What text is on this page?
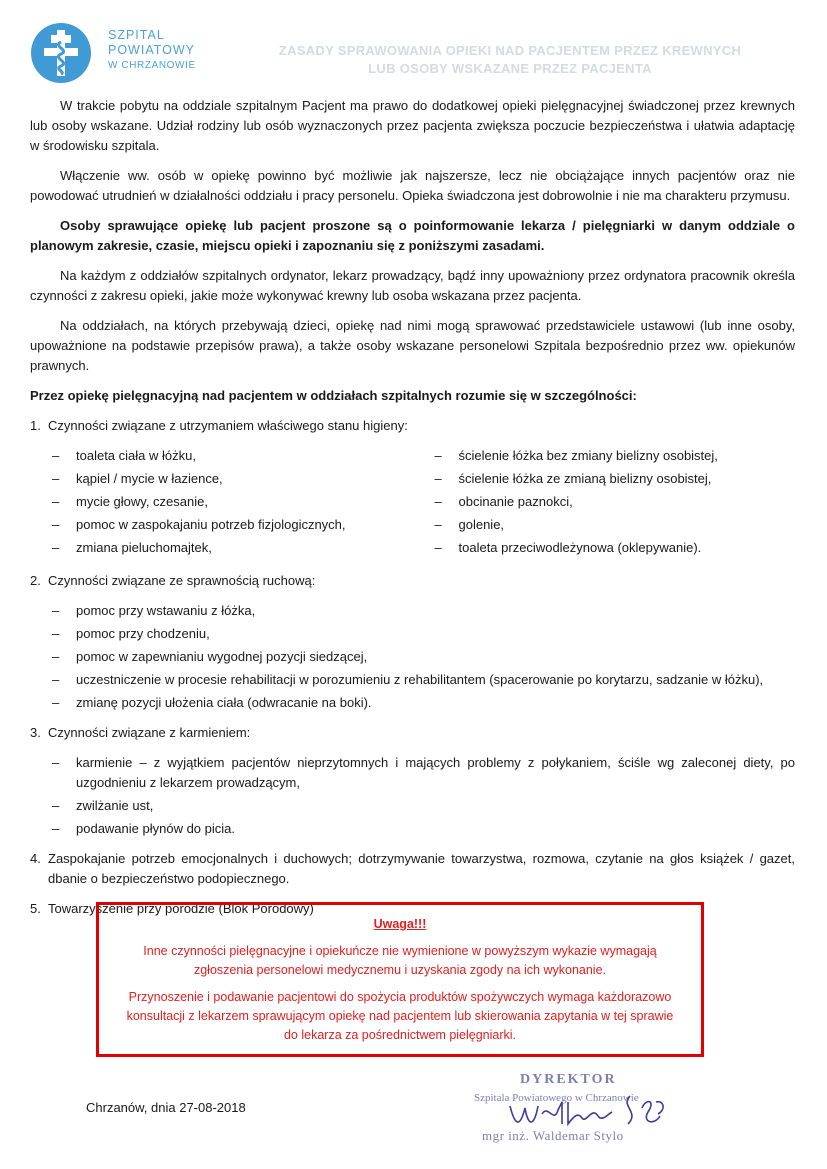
SZPITAL
POWIATOWY
W CHRZANOWIE
ZASADY SPRAWOWANIA OPIEKI NAD PACJENTEM PRZEZ KREWNYCH
LUB OSOBY WSKAZANE PRZEZ PACJENTA

W trakcie pobytu na oddziale szpitalnym Pacjent ma prawo do dodatkowej opieki pielęgnacyjnej świadczonej przez krewnych lub osoby wskazane. Udział rodziny lub osób wyznaczonych przez pacjenta zwiększa poczucie bezpieczeństwa i ułatwia adaptację w środowisku szpitala.

Włączenie ww. osób w opiekę powinno być możliwie jak najszersze, lecz nie obciążające innych pacjentów oraz nie powodować utrudnień w działalności oddziału i pracy personelu. Opieka świadczona jest dobrowolnie i nie ma charakteru przymusu.

Osoby sprawujące opiekę lub pacjent proszone są o poinformowanie lekarza / pielęgniarki w danym oddziale o planowym zakresie, czasie, miejscu opieki i zapoznaniu się z poniższymi zasadami.

Na każdym z oddziałów szpitalnych ordynator, lekarz prowadzący, bądź inny upoważniony przez ordynatora pracownik określa czynności z zakresu opieki, jakie może wykonywać krewny lub osoba wskazana przez pacjenta.

Na oddziałach, na których przebywają dzieci, opiekę nad nimi mogą sprawować przedstawiciele ustawowi (lub inne osoby, upoważnione na podstawie przepisów prawa), a także osoby wskazane personelowi Szpitala bezpośrednio przez ww. opiekunów prawnych.

Przez opiekę pielęgnacyjną nad pacjentem w oddziałach szpitalnych rozumie się w szczególności:
1. Czynności związane z utrzymaniem właściwego stanu higieny:
– toaleta ciała w łóżku,
– kąpiel / mycie w łazience,
– mycie głowy, czesanie,
– pomoc w zaspokajaniu potrzeb fizjologicznych,
– zmiana pieluchomajtek,
– ścielenie łóżka bez zmiany bielizny osobistej,
– ścielenie łóżka ze zmianą bielizny osobistej,
– obcinanie paznokci,
– golenie,
– toaleta przeciwodleżynowa (oklepywanie).
2. Czynności związane ze sprawnością ruchową:
– pomoc przy wstawaniu z łóżka,
– pomoc przy chodzeniu,
– pomoc w zapewnianiu wygodnej pozycji siedzącej,
– uczestniczenie w procesie rehabilitacji w porozumieniu z rehabilitantem (spacerowanie po korytarzu, sadzanie w łóżku),
– zmianę pozycji ułożenia ciała (odwracanie na boki).
3. Czynności związane z karmieniem:
– karmienie – z wyjątkiem pacjentów nieprzytomnych i mających problemy z połykaniem, ściśle wg zaleconej diety, po uzgodnieniu z lekarzem prowadzącym,
– zwilżanie ust,
– podawanie płynów do picia.
4. Zaspokajanie potrzeb emocjonalnych i duchowych; dotrzymywanie towarzystwa, rozmowa, czytanie na głos książek / gazet, dbanie o bezpieczeństwo podopiecznego.
5. Towarzyszenie przy porodzie (Blok Porodowy)
Uwaga!!!
Inne czynności pielęgnacyjne i opiekuńcze nie wymienione w powyższym wykazie wymagają zgłoszenia personelowi medycznemu i uzyskania zgody na ich wykonanie.
Przynoszenie i podawanie pacjentowi do spożycia produktów spożywczych wymaga każdorazowo konsultacji z lekarzem sprawującym opiekę nad pacjentem lub skierowania zapytania w tej sprawie do lekarza za pośrednictwem pielęgniarki.
Chrzanów, dnia 27-08-2018
DYREKTOR
Szpitala Powiatowego w Chrzanowie
mgr inż. Waldemar Stylo
